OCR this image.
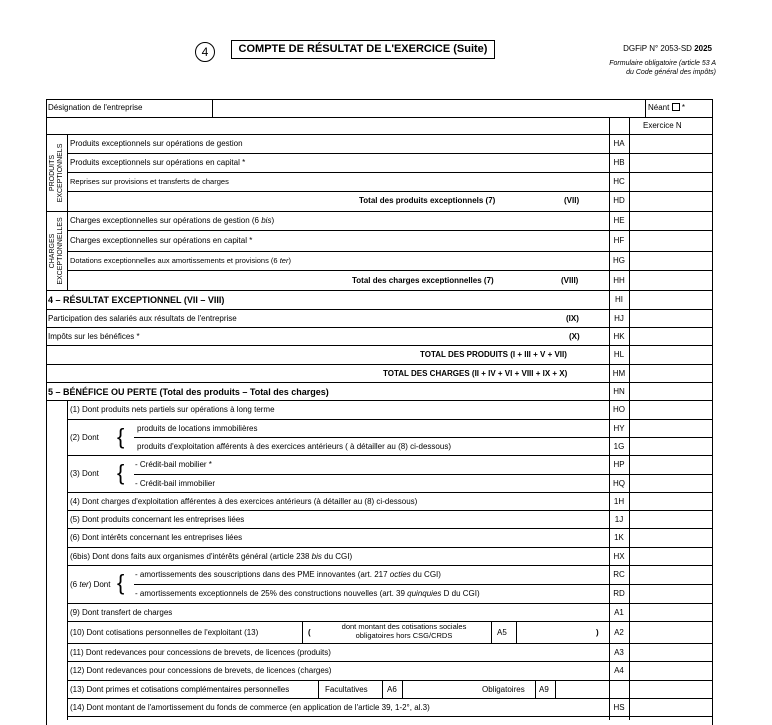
4	COMPTE DE RÉSULTAT DE L'EXERCICE (Suite)	DGFiP N° 2053-SD 2025
Formulaire obligatoire (article 53 A
du Code général des impôts)
Désignation de l'entreprise	Néant *
Exercice N
PRODUITS EXCEPTIONNELS
CHARGES EXCEPTIONNELLES
Produits exceptionnels sur opérations de gestion	HA
Produits exceptionnels sur opérations en capital *	HB
Reprises sur provisions et transferts de charges	HC
Total des produits exceptionnels (7)	(VII)	HD
Charges exceptionnelles sur opérations de gestion (6 bis)	HE
Charges exceptionnelles sur opérations en capital *	HF
Dotations exceptionnelles aux amortissements et provisions (6 ter)	HG
Total des charges exceptionnelles (7)	(VIII)	HH
4 – RÉSULTAT EXCEPTIONNEL (VII – VIII)	HI
Participation des salariés aux résultats de l'entreprise	(IX)	HJ
Impôts sur les bénéfices *	(X)	HK
TOTAL DES PRODUITS (I + III + V + VII)	HL
TOTAL DES CHARGES (II + IV + VI + VIII + IX + X)	HM
5 – BÉNÉFICE OU PERTE (Total des produits – Total des charges)	HN
(1) Dont produits nets partiels sur opérations à long terme	HO
(2) Dont { produits de locations immobilières	HY
produits d'exploitation afférents à des exercices antérieurs ( à détailler au (8) ci-dessous)	1G
(3) Dont { - Crédit-bail mobilier *	HP
- Crédit-bail immobilier	HQ
(4) Dont charges d'exploitation afférentes à des exercices antérieurs (à détailler au (8) ci-dessous)	1H
(5) Dont produits concernant les entreprises liées	1J
(6) Dont intérêts concernant les entreprises liées	1K
(6bis) Dont dons faits aux organismes d'intérêts général (article 238 bis du CGI)	HX
(6 ter) Dont { - amortissements des souscriptions dans des PME innovantes (art. 217 octies du CGI)	RC
- amortissements exceptionnels de 25% des constructions nouvelles (art. 39 quinquies D du CGI)	RD
(9) Dont transfert de charges	A1
(10) Dont cotisations personnelles de l'exploitant (13)	(
dont montant des cotisations sociales
obligatoires hors CSG/CRDS	A5	)	A2
(11) Dont redevances pour concessions de brevets, de licences (produits)	A3
(12) Dont redevances pour concessions de brevets, de licences (charges)	A4
(13) Dont primes et cotisations complémentaires personnelles	Facultatives A6	Obligatoires A9
(14) Dont montant de l'amortissement du fonds de commerce (en application de l'article 39, 1-2°, al.3)	HS
